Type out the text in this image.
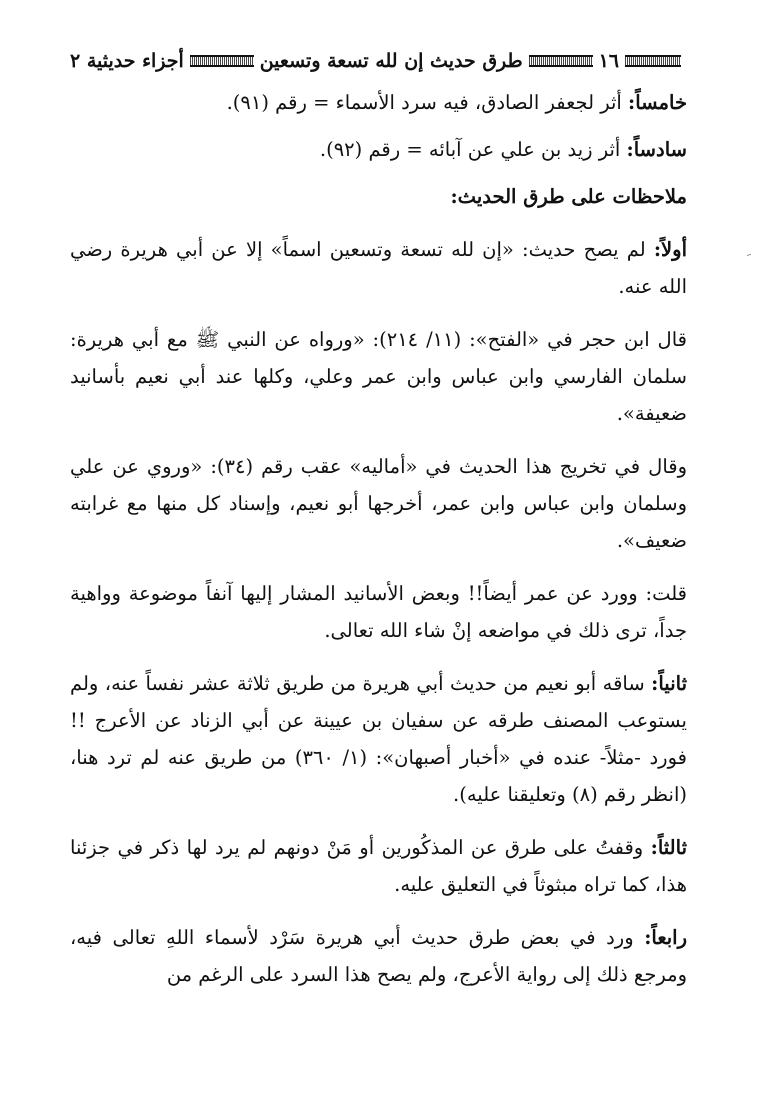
١٦
طرق حديث إن لله تسعة وتسعين
أجزاء حديثية ٢
ﹶ

خامساً: أثر لجعفر الصادق، فيه سرد الأسماء = رقم (٩١).

سادساً: أثر زيد بن علي عن آبائه = رقم (٩٢).

ملاحظات على طرق الحديث:

أولاً: لم يصح حديث: «إن لله تسعة وتسعين اسماً» إلا عن أبي هريرة رضي الله عنه.

قال ابن حجر في «الفتح»: (١١/ ٢١٤): «ورواه عن النبي ﷺ مع أبي هريرة: سلمان الفارسي وابن عباس وابن عمر وعلي، وكلها عند أبي نعيم بأسانيد ضعيفة».

وقال في تخريج هذا الحديث في «أماليه» عقب رقم (٣٤): «وروي عن علي وسلمان وابن عباس وابن عمر، أخرجها أبو نعيم، وإسناد كل منها مع غرابته ضعيف».

قلت: وورد عن عمر أيضاً!! وبعض الأسانيد المشار إليها آنفاً موضوعة وواهية جداً، ترى ذلك في مواضعه إنْ شاء الله تعالى.

ثانياً: ساقه أبو نعيم من حديث أبي هريرة من طريق ثلاثة عشر نفساً عنه، ولم يستوعب المصنف طرقه عن سفيان بن عيينة عن أبي الزناد عن الأعرج !! فورد -مثلاً- عنده في «أخبار أصبهان»: (١/ ٣٦٠) من طريق عنه لم ترد هنا، (انظر رقم (٨) وتعليقنا عليه).

ثالثاً: وقفتُ على طرق عن المذكُورين أو مَنْ دونهم لم يرد لها ذكر في جزئنا هذا، كما تراه مبثوثاً في التعليق عليه.

رابعاً: ورد في بعض طرق حديث أبي هريرة سَرْد لأسماء اللهِ تعالى فيه، ومرجع ذلك إلى رواية الأعرج، ولم يصح هذا السرد على الرغم من
